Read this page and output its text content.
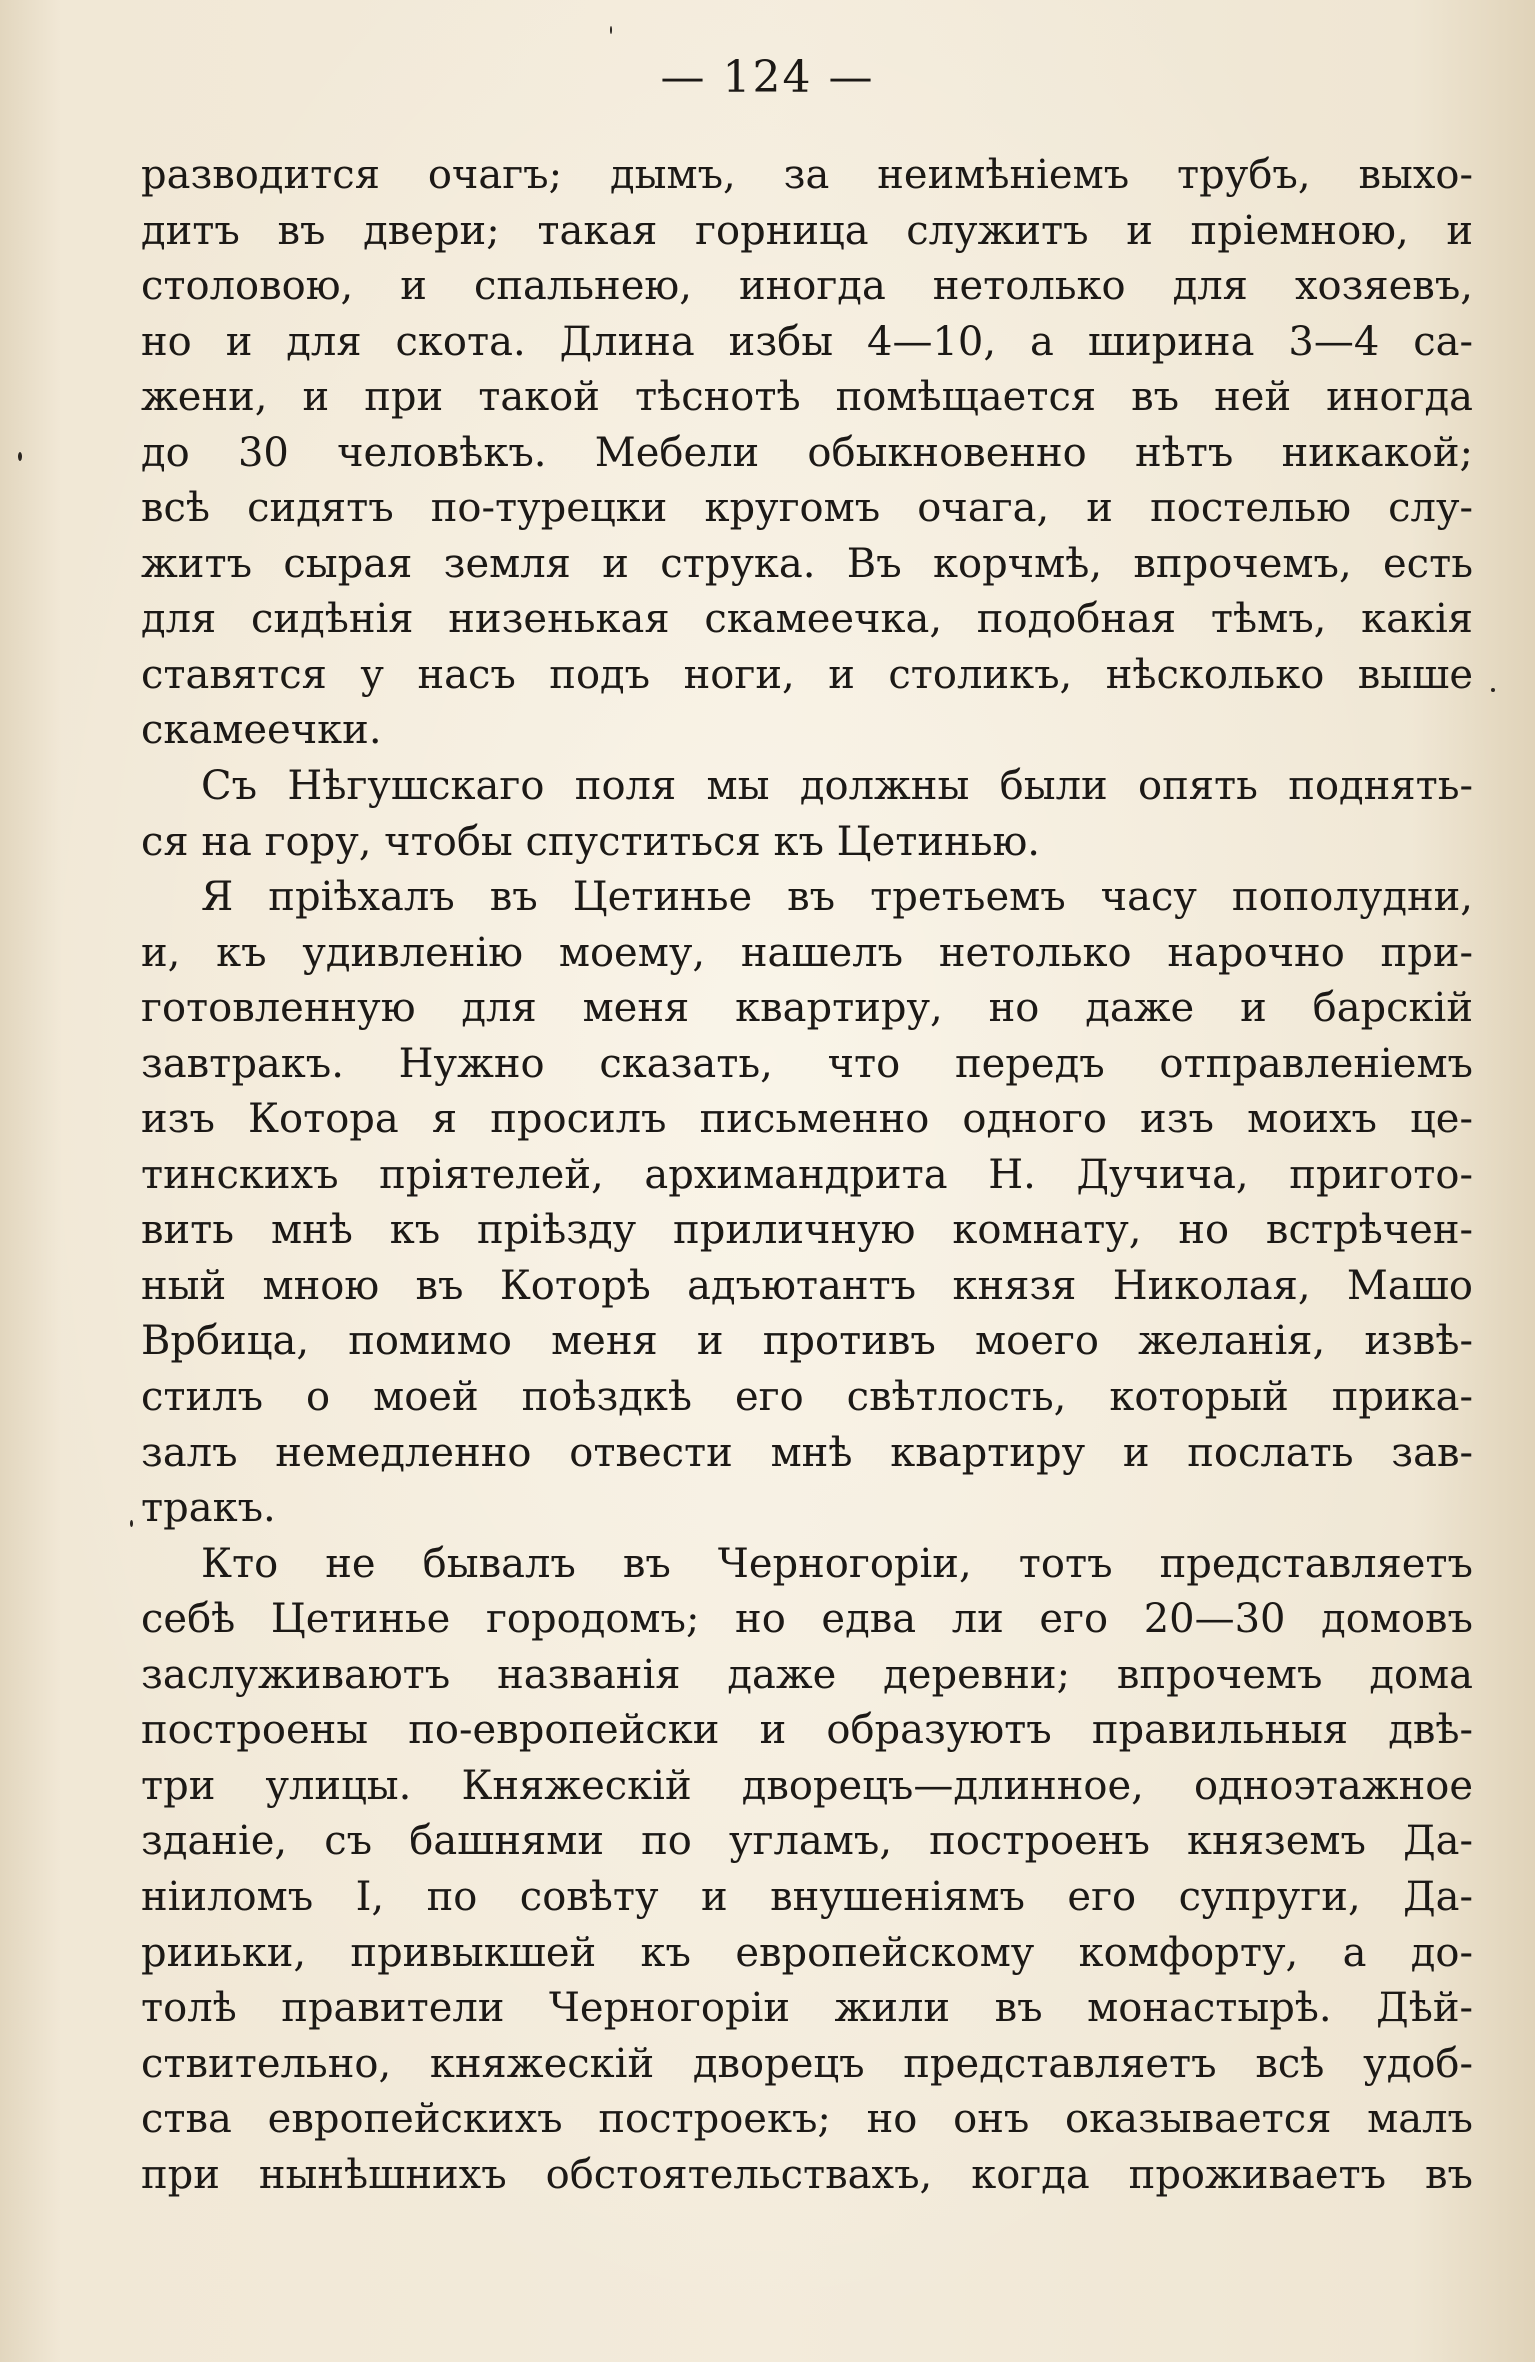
— 124 —
разводится очагъ; дымъ, за неимѣніемъ трубъ, выхо-
дитъ въ двери; такая горница служитъ и пріемною, и
столовою, и спальнею, иногда нетолько для хозяевъ,
но и для скота. Длина избы 4—10, а ширина 3—4 са-
жени, и при такой тѣснотѣ помѣщается въ ней иногда
до 30 человѣкъ. Мебели обыкновенно нѣтъ никакой;
всѣ сидятъ по-турецки кругомъ очага, и постелью слу-
житъ сырая земля и струка. Въ корчмѣ, впрочемъ, есть
для сидѣнія низенькая скамеечка, подобная тѣмъ, какія
ставятся у насъ подъ ноги, и столикъ, нѣсколько выше
скамеечки.
Съ Нѣгушскаго поля мы должны были опять поднять-
ся на гору, чтобы спуститься къ Цетинью.
Я пріѣхалъ въ Цетинье въ третьемъ часу пополудни,
и, къ удивленію моему, нашелъ нетолько нарочно при-
готовленную для меня квартиру, но даже и барскій
завтракъ. Нужно сказать, что передъ отправленіемъ
изъ Котора я просилъ письменно одного изъ моихъ це-
тинскихъ пріятелей, архимандрита Н. Дучича, пригото-
вить мнѣ къ пріѣзду приличную комнату, но встрѣчен-
ный мною въ Которѣ адъютантъ князя Николая, Машо
Врбица, помимо меня и противъ моего желанія, извѣ-
стилъ о моей поѣздкѣ его свѣтлость, который прика-
залъ немедленно отвести мнѣ квартиру и послать зав-
тракъ.
Кто не бывалъ въ Черногоріи, тотъ представляетъ
себѣ Цетинье городомъ; но едва ли его 20—30 домовъ
заслуживаютъ названія даже деревни; впрочемъ дома
построены по-европейски и образуютъ правильныя двѣ-
три улицы. Княжескій дворецъ—длинное, одноэтажное
зданіе, съ башнями по угламъ, построенъ княземъ Да-
ніиломъ I, по совѣту и внушеніямъ его супруги, Да-
рииьки, привыкшей къ европейскому комфорту, а до-
толѣ правители Черногоріи жили въ монастырѣ. Дѣй-
ствительно, княжескій дворецъ представляетъ всѣ удоб-
ства европейскихъ построекъ; но онъ оказывается малъ
при нынѣшнихъ обстоятельствахъ, когда проживаетъ въ
